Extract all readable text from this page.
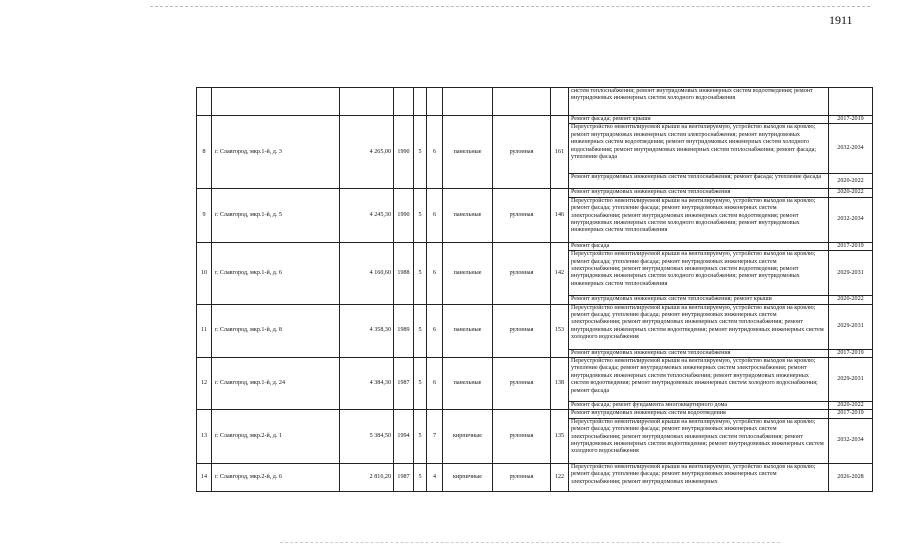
1911
									систем теплоснабжения; ремонт внутридомовых инженерных систем водоотведения; ремонт внутридомовых инженерных систем холодного водоснабжения	
8	г. Славгород, мкр.1-й, д. 3	4 265,00	1990	5	6	панельные	рулонная	161	Ремонт фасада; ремонт крыши	2017-2019
									Переустройство невентилируемой крыши на вентилируемую, устройство выходов на кровлю; ремонт внутридомовых инженерных систем электроснабжения; ремонт внутридомовых инженерных систем водоотведения; ремонт внутридомовых инженерных систем холодного водоснабжения; ремонт внутридомовых инженерных систем теплоснабжения; ремонт фасада; утепление фасада	2032-2034
									Ремонт внутридомовых инженерных систем теплоснабжения; ремонт фасада; утепление фасада	2020-2022
9	г. Славгород, мкр.1-й, д. 5	4 245,30	1990	5	6	панельные	рулонная	146	Ремонт внутридомовых инженерных систем теплоснабжения	2020-2022
									Переустройство невентилируемой крыши на вентилируемую, устройство выходов на кровлю; ремонт фасада; утепление фасада; ремонт внутридомовых инженерных систем электроснабжения; ремонт внутридомовых инженерных систем водоотведения; ремонт внутридомовых инженерных систем холодного водоснабжения; ремонт внутридомовых инженерных систем теплоснабжения	2032-2034
10	г. Славгород, мкр.1-й, д. 6	4 160,60	1988	5	6	панельные	рулонная	142	Ремонт фасада	2017-2019
									Переустройство невентилируемой крыши на вентилируемую, устройство выходов на кровлю; ремонт фасада; утепление фасада; ремонт внутридомовых инженерных систем электроснабжения; ремонт внутридомовых инженерных систем водоотведения; ремонт внутридомовых инженерных систем холодного водоснабжения; ремонт внутридомовых инженерных систем теплоснабжения	2029-2031
									Ремонт внутридомовых инженерных систем теплоснабжения; ремонт крыши	2020-2022
11	г. Славгород, мкр.1-й, д. 8	4 358,30	1989	5	6	панельные	рулонная	153	Переустройство невентилируемой крыши на вентилируемую, устройство выходов на кровлю; ремонт фасада; утепление фасада; ремонт внутридомовых инженерных систем электроснабжения; ремонт внутридомовых инженерных систем теплоснабжения; ремонт внутридомовых инженерных систем водоотведения; ремонт внутридомовых инженерных систем холодного водоснабжения	2029-2031
									Ремонт внутридомовых инженерных систем теплоснабжения	2017-2019
12	г. Славгород, мкр.1-й, д. 24	4 384,30	1987	5	6	панельные	рулонная	138	Переустройство невентилируемой крыши на вентилируемую, устройство выходов на кровлю; утепление фасада; ремонт внутридомовых инженерных систем электроснабжения; ремонт внутридомовых инженерных систем теплоснабжения; ремонт внутридомовых инженерных систем водоотведения; ремонт внутридомовых инженерных систем холодного водоснабжения; ремонт фасада	2029-2031
									Ремонт фасада; ремонт фундамента многоквартирного дома	2020-2022
13	г. Славгород, мкр.2-й, д. 1	5 384,50	1994	5	7	кирпичные	рулонная	135	Ремонт внутридомовых инженерных систем водоотведения	2017-2019
									Переустройство невентилируемой крыши на вентилируемую, устройство выходов на кровлю; ремонт фасада; утепление фасада; ремонт внутридомовых инженерных систем электроснабжения; ремонт внутридомовых инженерных систем теплоснабжения; ремонт внутридомовых инженерных систем водоотведения; ремонт внутридомовых инженерных систем холодного водоснабжения	2032-2034
14	г. Славгород, мкр.2-й, д. 6	2 816,20	1987	5	4	кирпичные	рулонная	122	Переустройство невентилируемой крыши на вентилируемую, устройство выходов на кровлю; ремонт фасада; утепление фасада; ремонт внутридомовых инженерных систем электроснабжения; ремонт внутридомовых инженерных	2026-2028
